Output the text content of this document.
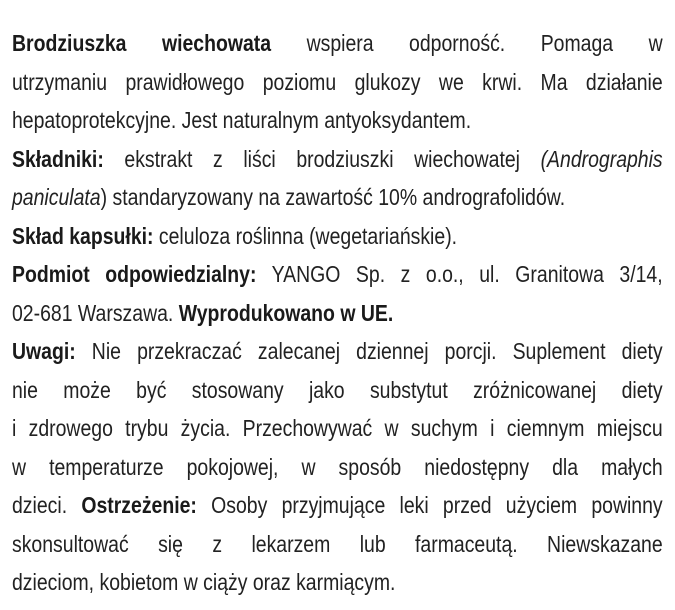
Brodziuszka wiechowata wspiera odporność. Pomaga w
utrzymaniu prawidłowego poziomu glukozy we krwi. Ma działanie
hepatoprotekcyjne. Jest naturalnym antyoksydantem.
Składniki: ekstrakt z liści brodziuszki wiechowatej (Andrographis
paniculata) standaryzowany na zawartość 10% andrografolidów.
Skład kapsułki: celuloza roślinna (wegetariańskie).
Podmiot odpowiedzialny: YANGO Sp. z o.o., ul. Granitowa 3/14,
02-681 Warszawa. Wyprodukowano w UE.
Uwagi: Nie przekraczać zalecanej dziennej porcji. Suplement diety
nie może być stosowany jako substytut zróżnicowanej diety
i zdrowego trybu życia. Przechowywać w suchym i ciemnym miejscu
w temperaturze pokojowej, w sposób niedostępny dla małych
dzieci. Ostrzeżenie: Osoby przyjmujące leki przed użyciem powinny
skonsultować się z lekarzem lub farmaceutą. Niewskazane
dzieciom, kobietom w ciąży oraz karmiącym.
